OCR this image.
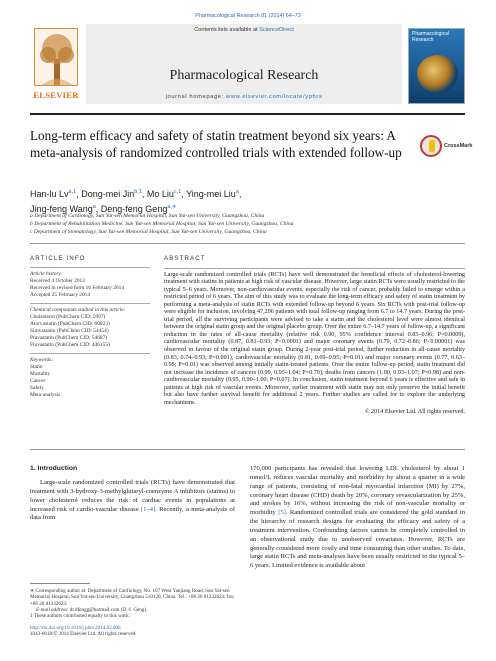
Pharmacological Research 81 (2014) 64–73
ELSEVIER
Contents lists available at ScienceDirect
Pharmacological Research
journal homepage: www.elsevier.com/locate/yphrs
Pharmacological Research
Long-term efficacy and safety of statin treatment beyond six years: A meta-analysis of randomized controlled trials with extended follow-up	CrossMark
Han-lu Lv$^{a,1}$, Dong-mei Jin$^{b,1}$, Mo Liu$^{c,1}$, Ying-mei Liu$^a$,
Jing-feng Wang$^a$, Deng-feng Geng$^{a,∗}$
a Department of Cardiology, Sun Yat-sen Memorial Hospital, Sun Yat-sen University, Guangzhou, China
b Department of Rehabilitation Medicine, Sun Yat-sen Memorial Hospital, Sun Yat-sen University, Guangzhou, China
c Department of Stomatology, Sun Yat-sen Memorial Hospital, Sun Yat-sen University, Guangzhou, China
ARTICLE INFO
Article history:
Received 4 October 2013
Received in revised form 16 February 2014
Accepted 25 February 2014
Chemical compounds studied in this article:
Cholesterol (PubChem CID: 5997)
Atorvastatin (PubChem CID: 60823)
Simvastatin (PubChem CID: 54454)
Pravastatin (PubChem CID: 54687)
Fluvastatin (PubChem CID: 446155)
Keywords:
Statin
Mortality
Cancer
Safety
Meta-analysis
ABSTRACT
Large-scale randomized controlled trials (RCTs) have well demonstrated the beneficial effects of cholesterol-lowering treatment with statins in patients at high risk of vascular disease. However, large statin RCTs were usually restricted to the typical 5–6 years. Moreover, non-cardiovascular events, especially the risk of cancer, probably failed to emerge within a restricted period of 6 years. The aim of this study was to evaluate the long-term efficacy and safety of statin treatment by performing a meta-analysis of statin RCTs with extended follow-up beyond 6 years. Six RCTs with post-trial follow-up were eligible for inclusion, involving 47,296 patients with total follow-up ranging from 6.7 to 14.7 years. During the post-trial period, all the surviving participants were advised to take a statin and the cholesterol level were almost identical between the original statin group and the original placebo group. Over the entire 6.7–14.7 years of follow-up, a significant reduction in the rates of all-cause mortality (relative risk 0.90, 95% confidence interval 0.85–0.96; P=0.0009), cardiovascular mortality (0.87, 0.81–0.93; P<0.0001) and major coronary events (0.79, 0.72–0.86; P<0.00001) was observed in favour of the original statin group. During 2-year post-trial period, further reduction in all-cause mortality (0.83, 0.74–0.93; P=0.001), cardiovascular mortality (0.81, 0.69–0.95; P=0.01) and major coronary events (0.77, 0.63–0.95; P=0.01) was observed among initially statin-treated patients. Over the entire follow-up period, statin treatment did not increase the incidence of cancers (0.99, 0.95–1.04; P=0.79), deaths from cancers (1.00, 0.93–1.07; P=0.98) and non-cardiovascular mortality (0.95, 0.90–1.00; P=0.07). In conclusion, statin treatment beyond 6 years is effective and safe in patients at high risk of vascular events. Moreover, earlier treatment with statin may not only preserve the initial benefit but also have further survival benefit for additional 2 years. Further studies are called for to explore the underlying mechanisms.
© 2014 Elsevier Ltd. All rights reserved.
1. Introduction
Large-scale randomized controlled trials (RCTs) have demonstrated that treatment with 3-hydroxy-3-methylglutaryl-coenzyme A inhibitors (statins) to lower cholesterol reduces the risk of cardiac events in populations at increased risk of cardio-vascular disease [1–4]. Recently, a meta-analysis of data from
170,000 participants has revealed that lowering LDL cholesterol by about 1 mmol/L reduces vascular mortality and morbidity by about a quarter in a wide range of patients, consisting of non-fatal myocardial infarction (MI) by 27%, coronary heart disease (CHD) death by 20%, coronary revascularization by 25%, and strokes by 16%, without increasing the risk of non-vascular mortality or morbidity [5]. Randomized controlled trials are considered the gold standard in the hierarchy of research designs for evaluating the efficacy and safety of a treatment intervention. Confounding factors cannot be completely controlled in an observational study due to unobserved covariates. However, RCTs are generally considered more costly and time consuming than other studies. To date, large statin RCTs and meta-analyses have been usually restricted to the typical 5–6 years. Limited evidence is available about
∗ Corresponding author at: Department of Cardiology, No. 107 West Yanjiang Road, Sun Yat-sen Memorial Hospital, Sun Yat-sen University, Guangzhou 510120, China. Tel.: +86 20 81332623; fax: +86 20 81332623.
E-mail address: dr.dfengg@hotmail.com (D.-f. Geng).
1 These authors contributed equally to this work.
http://dx.doi.org/10.1016/j.phrs.2014.02.006
1043-6618/© 2014 Elsevier Ltd. All rights reserved.
